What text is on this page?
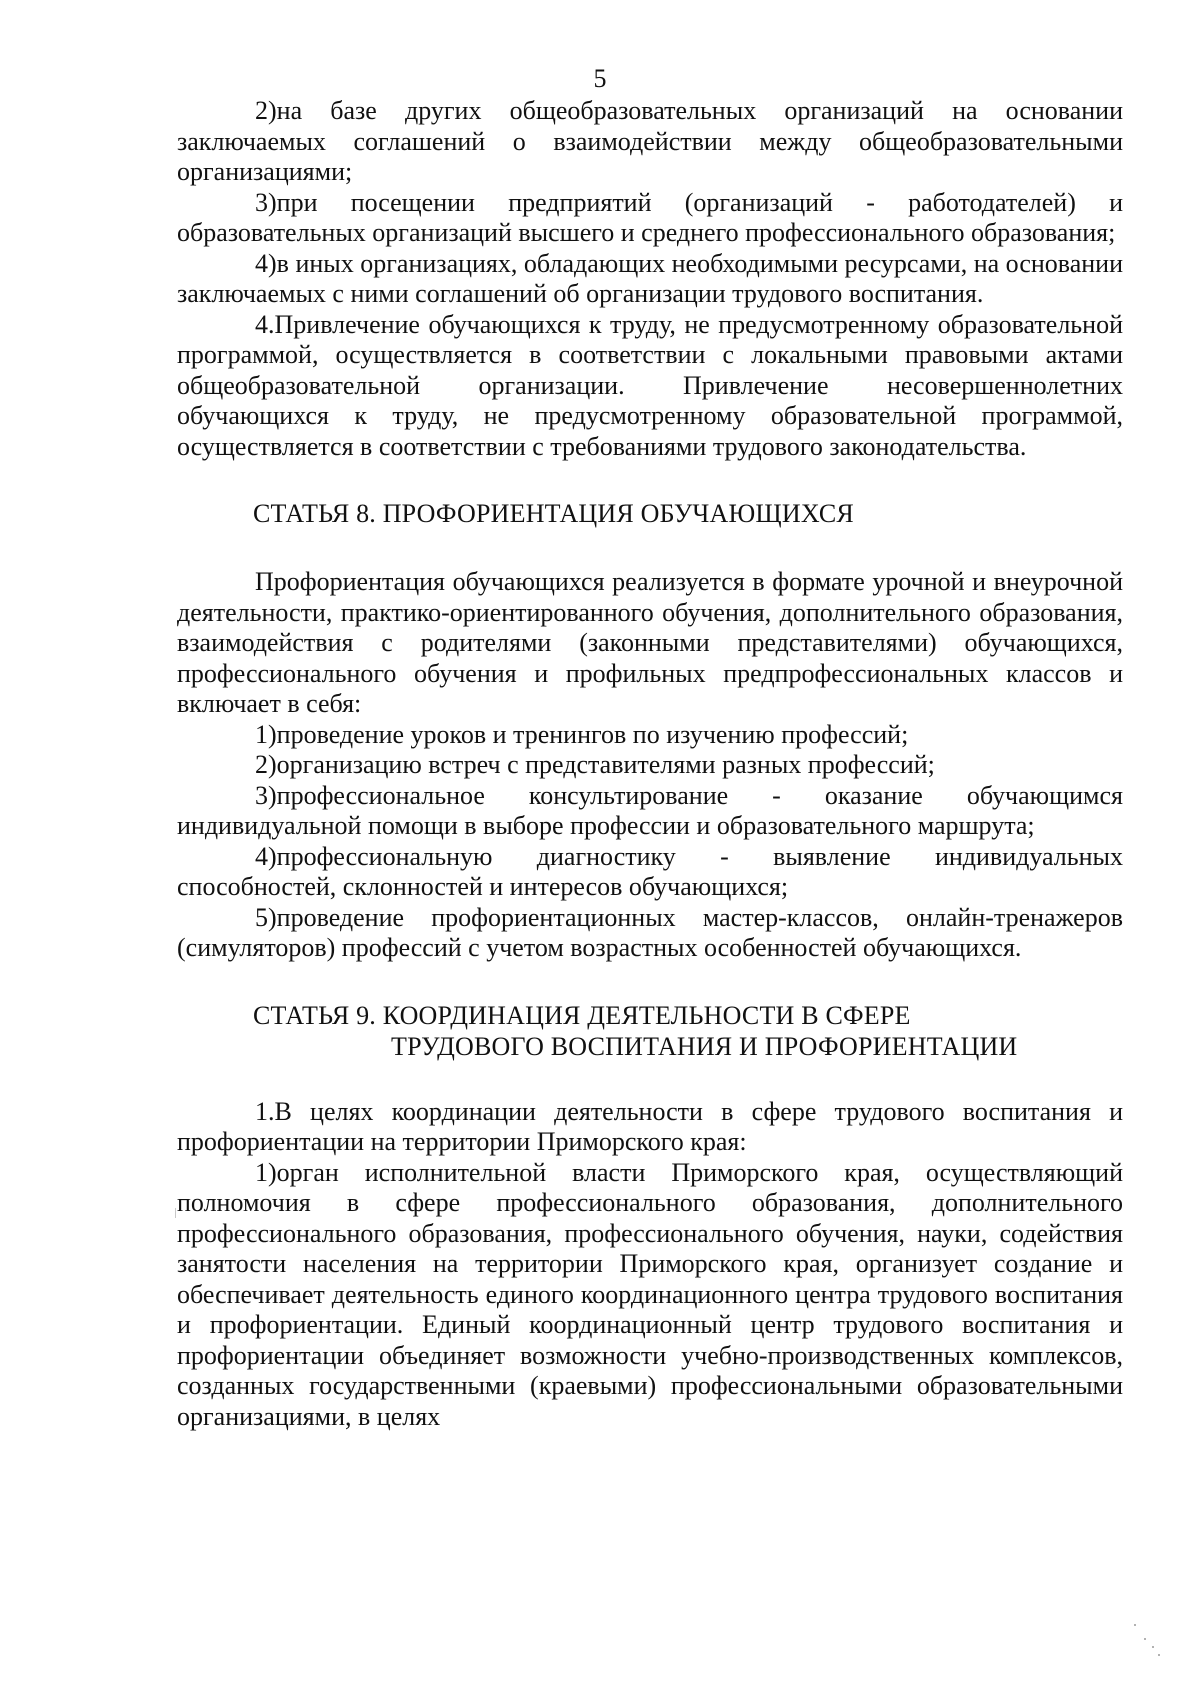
5

2)на базе других общеобразовательных организаций на основании заключаемых соглашений о взаимодействии между общеобразовательными организациями;

3)при посещении предприятий (организаций - работодателей) и образовательных организаций высшего и среднего профессионального образования;

4)в иных организациях, обладающих необходимыми ресурсами, на основании заключаемых с ними соглашений об организации трудового воспитания.

4.Привлечение обучающихся к труду, не предусмотренному образовательной программой, осуществляется в соответствии с локальными правовыми актами общеобразовательной организации. Привлечение несовершеннолетних обучающихся к труду, не предусмотренному образовательной программой, осуществляется в соответствии с требованиями трудового законодательства.

СТАТЬЯ 8. ПРОФОРИЕНТАЦИЯ ОБУЧАЮЩИХСЯ

Профориентация обучающихся реализуется в формате урочной и внеурочной деятельности, практико-ориентированного обучения, дополнительного образования, взаимодействия с родителями (законными представителями) обучающихся, профессионального обучения и профильных предпрофессиональных классов и включает в себя:

1)проведение уроков и тренингов по изучению профессий;

2)организацию встреч с представителями разных профессий;

3)профессиональное консультирование - оказание обучающимся индивидуальной помощи в выборе профессии и образовательного маршрута;

4)профессиональную диагностику - выявление индивидуальных способностей, склонностей и интересов обучающихся;

5)проведение профориентационных мастер-классов, онлайн-тренажеров (симуляторов) профессий с учетом возрастных особенностей обучающихся.

СТАТЬЯ 9. КООРДИНАЦИЯ ДЕЯТЕЛЬНОСТИ В СФЕРЕ
ТРУДОВОГО ВОСПИТАНИЯ И ПРОФОРИЕНТАЦИИ

1.В целях координации деятельности в сфере трудового воспитания и профориентации на территории Приморского края:

1)орган исполнительной власти Приморского края, осуществляющий полномочия в сфере профессионального образования, дополнительного профессионального образования, профессионального обучения, науки, содействия занятости населения на территории Приморского края, организует создание и обеспечивает деятельность единого координационного центра трудового воспитания и профориентации. Единый координационный центр трудового воспитания и профориентации объединяет возможности учебно-производственных комплексов, созданных государственными (краевыми) профессиональными образовательными организациями, в целях
